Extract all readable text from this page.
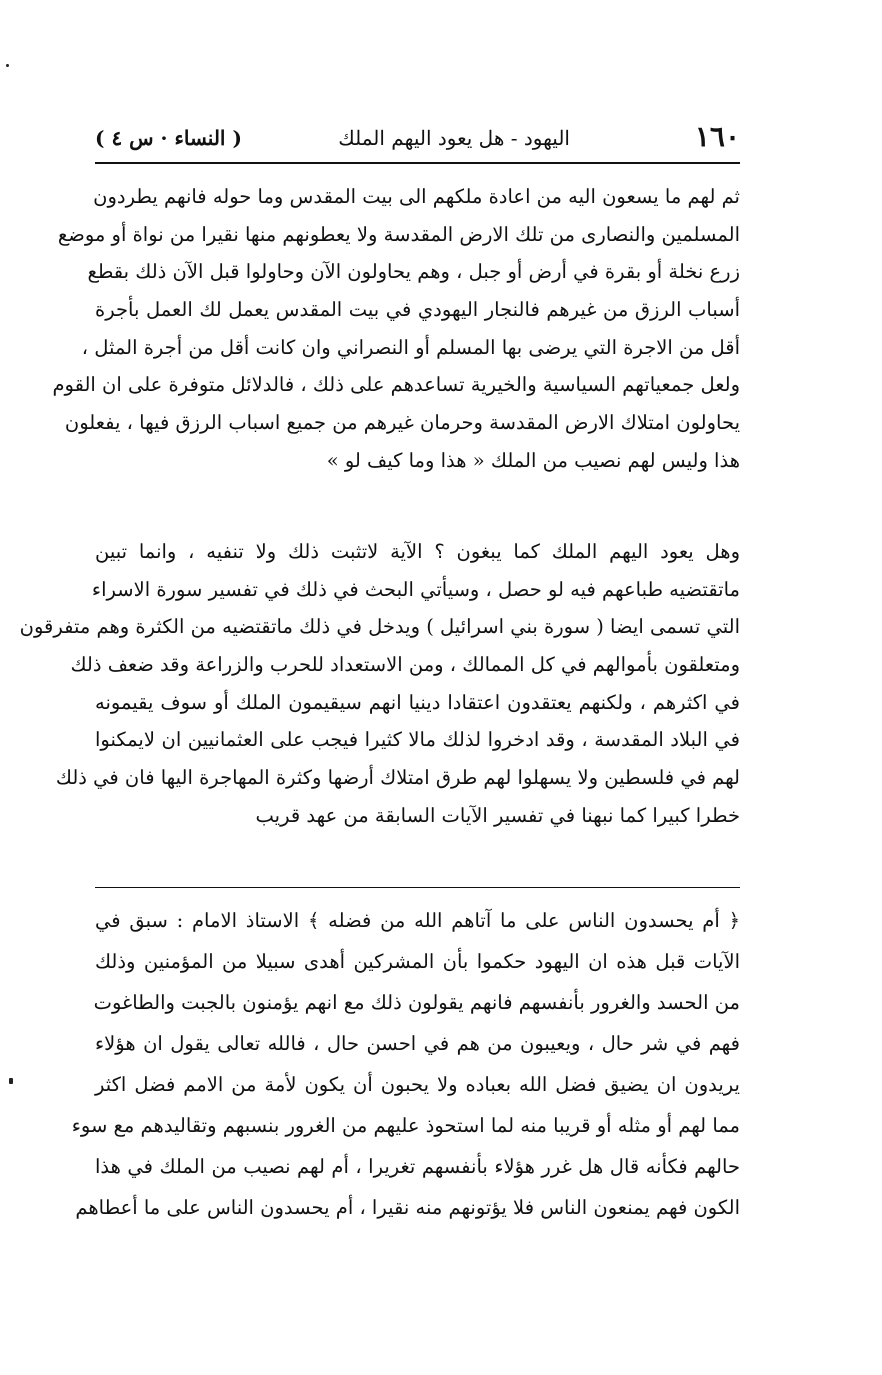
١٦٠
اليهود - هل يعود اليهم الملك
( النساء · س ٤ )
ثم لهم ما يسعون اليه من اعادة ملكهم الى بيت المقدس وما حوله فانهم يطردون
المسلمين والنصارى من تلك الارض المقدسة ولا يعطونهم منها نقيرا من نواة أو موضع
زرع نخلة أو بقرة في أرض أو جبل ، وهم يحاولون الآن وحاولوا قبل الآن ذلك بقطع
أسباب الرزق من غيرهم فالنجار اليهودي في بيت المقدس يعمل لك العمل بأجرة
أقل من الاجرة التي يرضى بها المسلم أو النصراني وان كانت أقل من أجرة المثل ،
ولعل جمعياتهم السياسية والخيرية تساعدهم على ذلك ، فالدلائل متوفرة على ان القوم
يحاولون امتلاك الارض المقدسة وحرمان غيرهم من جميع اسباب الرزق فيها ، يفعلون
هذا وليس لهم نصيب من الملك « هذا وما كيف لو »
وهل يعود اليهم الملك كما يبغون ؟ الآية لاتثبت ذلك ولا تنفيه ، وانما تبين
ماتقتضيه طباعهم فيه لو حصل ، وسيأتي البحث في ذلك في تفسير سورة الاسراء
التي تسمى ايضا ( سورة بني اسرائيل ) ويدخل في ذلك ماتقتضيه من الكثرة وهم متفرقون
ومتعلقون بأموالهم في كل الممالك ، ومن الاستعداد للحرب والزراعة وقد ضعف ذلك
في اكثرهم ، ولكنهم يعتقدون اعتقادا دينيا انهم سيقيمون الملك أو سوف يقيمونه
في البلاد المقدسة ، وقد ادخروا لذلك مالا كثيرا فيجب على العثمانيين ان لايمكنوا
لهم في فلسطين ولا يسهلوا لهم طرق امتلاك أرضها وكثرة المهاجرة اليها فان في ذلك
خطرا كبيرا كما نبهنا في تفسير الآيات السابقة من عهد قريب
﴿ أم يحسدون الناس على ما آتاهم الله من فضله ﴾ الاستاذ الامام : سبق في
الآيات قبل هذه ان اليهود حكموا بأن المشركين أهدى سبيلا من المؤمنين وذلك
من الحسد والغرور بأنفسهم فانهم يقولون ذلك مع انهم يؤمنون بالجبت والطاغوت
فهم في شر حال ، ويعيبون من هم في احسن حال ، فالله تعالى يقول ان هؤلاء
يريدون ان يضيق فضل الله بعباده ولا يحبون أن يكون لأمة من الامم فضل اكثر
مما لهم أو مثله أو قريبا منه لما استحوذ عليهم من الغرور بنسبهم وتقاليدهم مع سوء
حالهم فكأنه قال هل غرر هؤلاء بأنفسهم تغريرا ، أم لهم نصيب من الملك في هذا
الكون فهم يمنعون الناس فلا يؤتونهم منه نقيرا ، أم يحسدون الناس على ما أعطاهم
